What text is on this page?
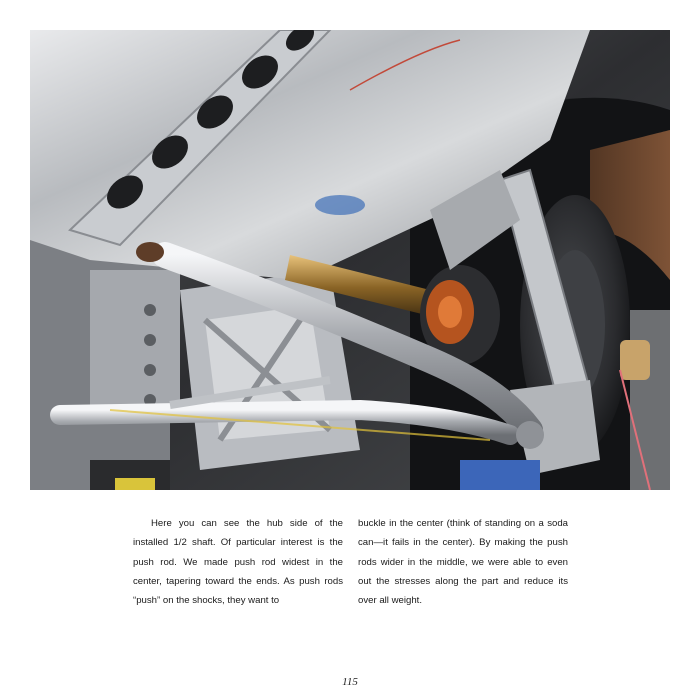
Here you can see the hub side of the installed 1/2 shaft. Of particular interest is the push rod. We made push rod widest in the center, tapering toward the ends. As push rods “push” on the shocks, they want to
buckle in the center (think of standing on a soda can—it fails in the center). By making the push rods wider in the middle, we were able to even out the stresses along the part and reduce its over all weight.
115
